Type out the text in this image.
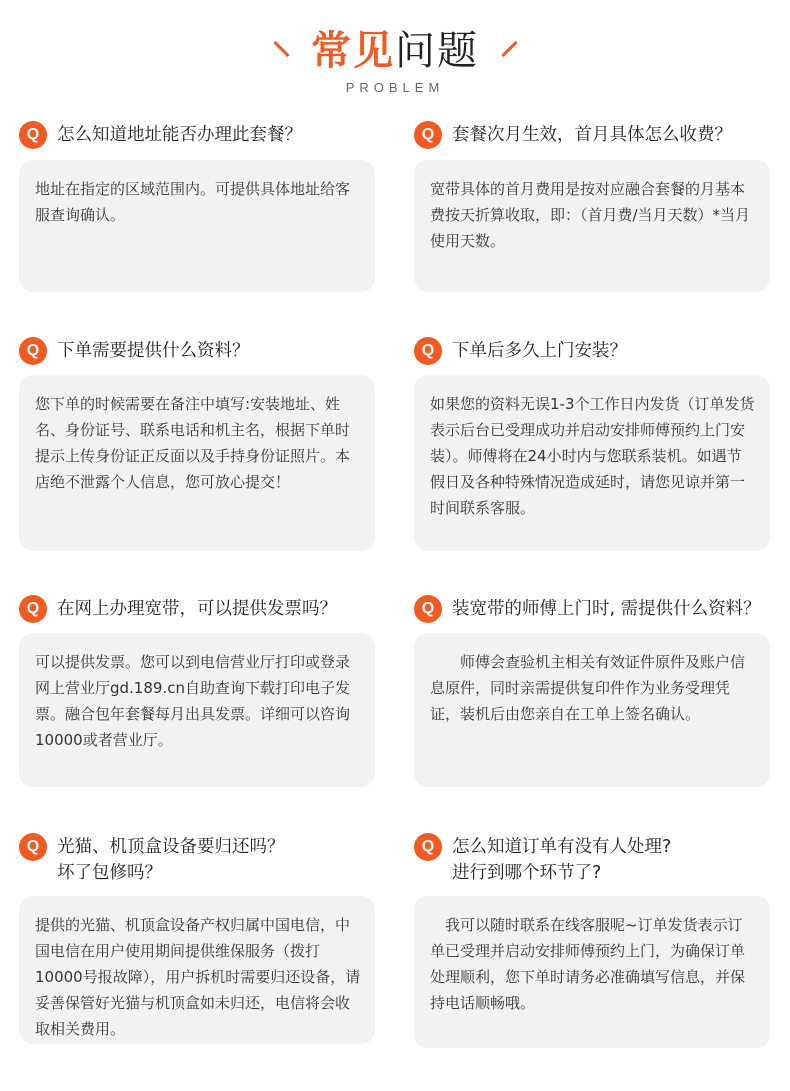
常见问题
PROBLEM
Q	怎么知道地址能否办理此套餐？
地址在指定的区域范围内。可提供具体地址给客服查询确认。
Q	套餐次月生效，首月具体怎么收费？
宽带具体的首月费用是按对应融合套餐的月基本费按天折算收取，即：（首月费/当月天数）*当月使用天数。
Q	下单需要提供什么资料？
您下单的时候需要在备注中填写:安装地址、姓名、身份证号、联系电话和机主名，根据下单时提示上传身份证正反面以及手持身份证照片。本店绝不泄露个人信息，您可放心提交！
Q	下单后多久上门安装？
如果您的资料无误1-3个工作日内发货（订单发货表示后台已受理成功并启动安排师傅预约上门安装）。师傅将在24小时内与您联系装机。如遇节假日及各种特殊情况造成延时，请您见谅并第一时间联系客服。
Q	在网上办理宽带，可以提供发票吗？
可以提供发票。您可以到电信营业厅打印或登录网上营业厅gd.189.cn自助查询下载打印电子发票。融合包年套餐每月出具发票。详细可以咨询10000或者营业厅。
Q	装宽带的师傅上门时, 需提供什么资料？
　　师傅会查验机主相关有效证件原件及账户信息原件，同时亲需提供复印件作为业务受理凭证，装机后由您亲自在工单上签名确认。
Q	光猫、机顶盒设备要归还吗？
坏了包修吗？
提供的光猫、机顶盒设备产权归属中国电信，中国电信在用户使用期间提供维保服务（拨打10000号报故障），用户拆机时需要归还设备，请妥善保管好光猫与机顶盒如未归还，电信将会收取相关费用。
Q	怎么知道订单有没有人处理?
进行到哪个环节了?
　我可以随时联系在线客服呢~订单发货表示订单已受理并启动安排师傅预约上门，为确保订单处理顺利，您下单时请务必准确填写信息，并保持电话顺畅哦。
